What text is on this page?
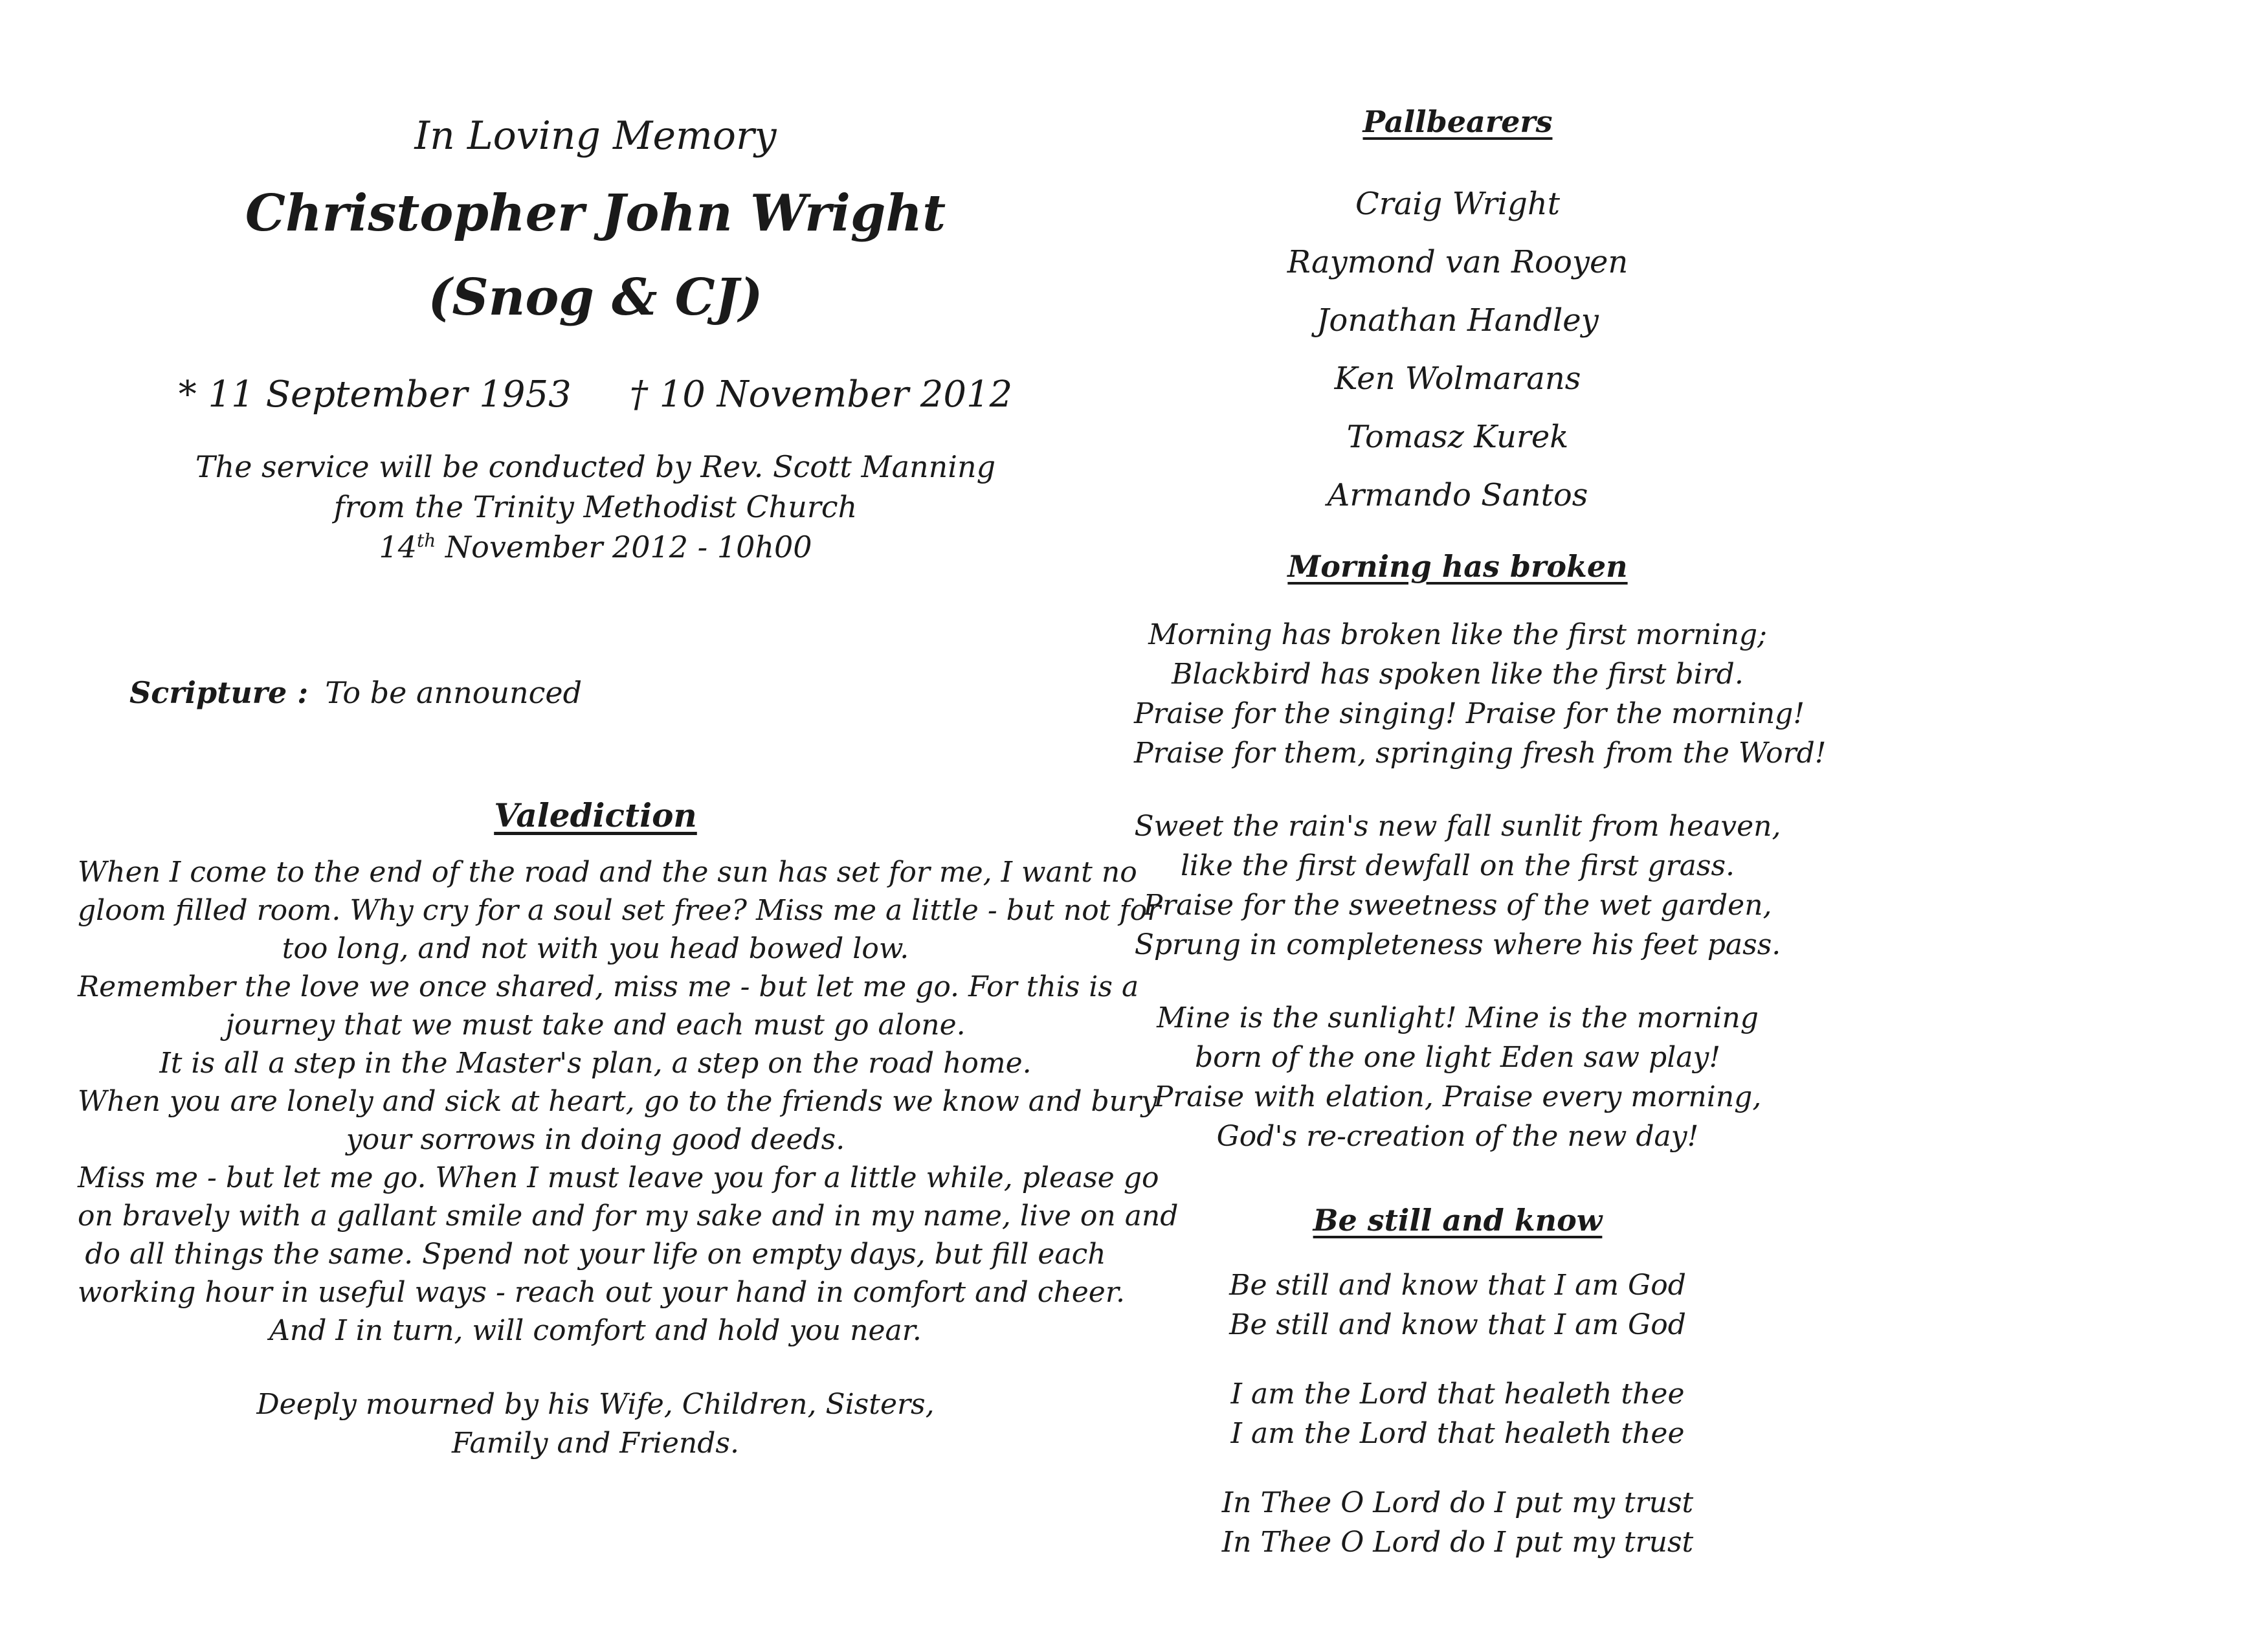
In Loving Memory
Christopher John Wright
(Snog & CJ)
* 11 September 1953 † 10 November 2012
The service will be conducted by Rev. Scott Manning
from the Trinity Methodist Church
14th November 2012 - 10h00
Scripture : To be announced
Valediction
When I come to the end of the road and the sun has set for me, I want no
gloom filled room. Why cry for a soul set free? Miss me a little - but not for
too long, and not with you head bowed low.
Remember the love we once shared, miss me - but let me go. For this is a
journey that we must take and each must go alone.
It is all a step in the Master's plan, a step on the road home.
When you are lonely and sick at heart, go to the friends we know and bury
your sorrows in doing good deeds.
Miss me - but let me go. When I must leave you for a little while, please go
on bravely with a gallant smile and for my sake and in my name, live on and
do all things the same. Spend not your life on empty days, but fill each
working hour in useful ways - reach out your hand in comfort and cheer.
And I in turn, will comfort and hold you near.
Deeply mourned by his Wife, Children, Sisters,
Family and Friends.
Pallbearers
Craig Wright
Raymond van Rooyen
Jonathan Handley
Ken Wolmarans
Tomasz Kurek
Armando Santos
Morning has broken
Morning has broken like the first morning;
Blackbird has spoken like the first bird.
Praise for the singing! Praise for the morning!
Praise for them, springing fresh from the Word!
Sweet the rain's new fall sunlit from heaven,
like the first dewfall on the first grass.
Praise for the sweetness of the wet garden,
Sprung in completeness where his feet pass.
Mine is the sunlight! Mine is the morning
born of the one light Eden saw play!
Praise with elation, Praise every morning,
God's re-creation of the new day!
Be still and know
Be still and know that I am God
Be still and know that I am God
I am the Lord that healeth thee
I am the Lord that healeth thee
In Thee O Lord do I put my trust
In Thee O Lord do I put my trust
